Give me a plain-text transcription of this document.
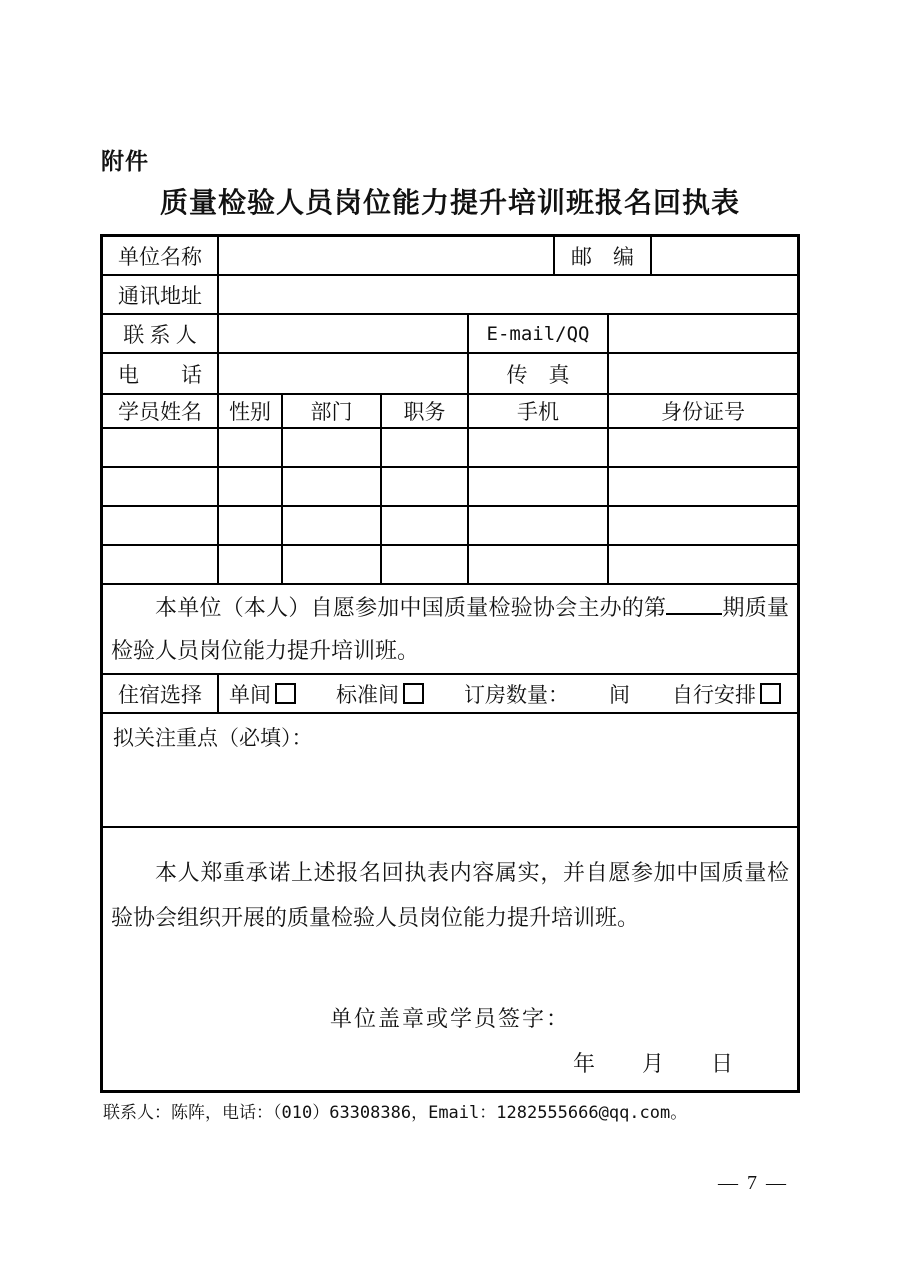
附件
质量检验人员岗位能力提升培训班报名回执表
单位名称	邮　编
通讯地址
联 系 人	E-mail/QQ
电　　话	传　真
学员姓名	性别	部门	职务	手机	身份证号
本单位（本人）自愿参加中国质量检验协会主办的第	期质量检验人员岗位能力提升培训班。
住宿选择	单间	标准间	订房数量： 间 自行安排
拟关注重点（必填）：

本人郑重承诺上述报名回执表内容属实，并自愿参加中国质量检验协会组织开展的质量检验人员岗位能力提升培训班。

单位盖章或学员签字：
年　　月　　日
联系人：陈阵，电话：（010）63308386，Email：1282555666@qq.com。
— 7 —
